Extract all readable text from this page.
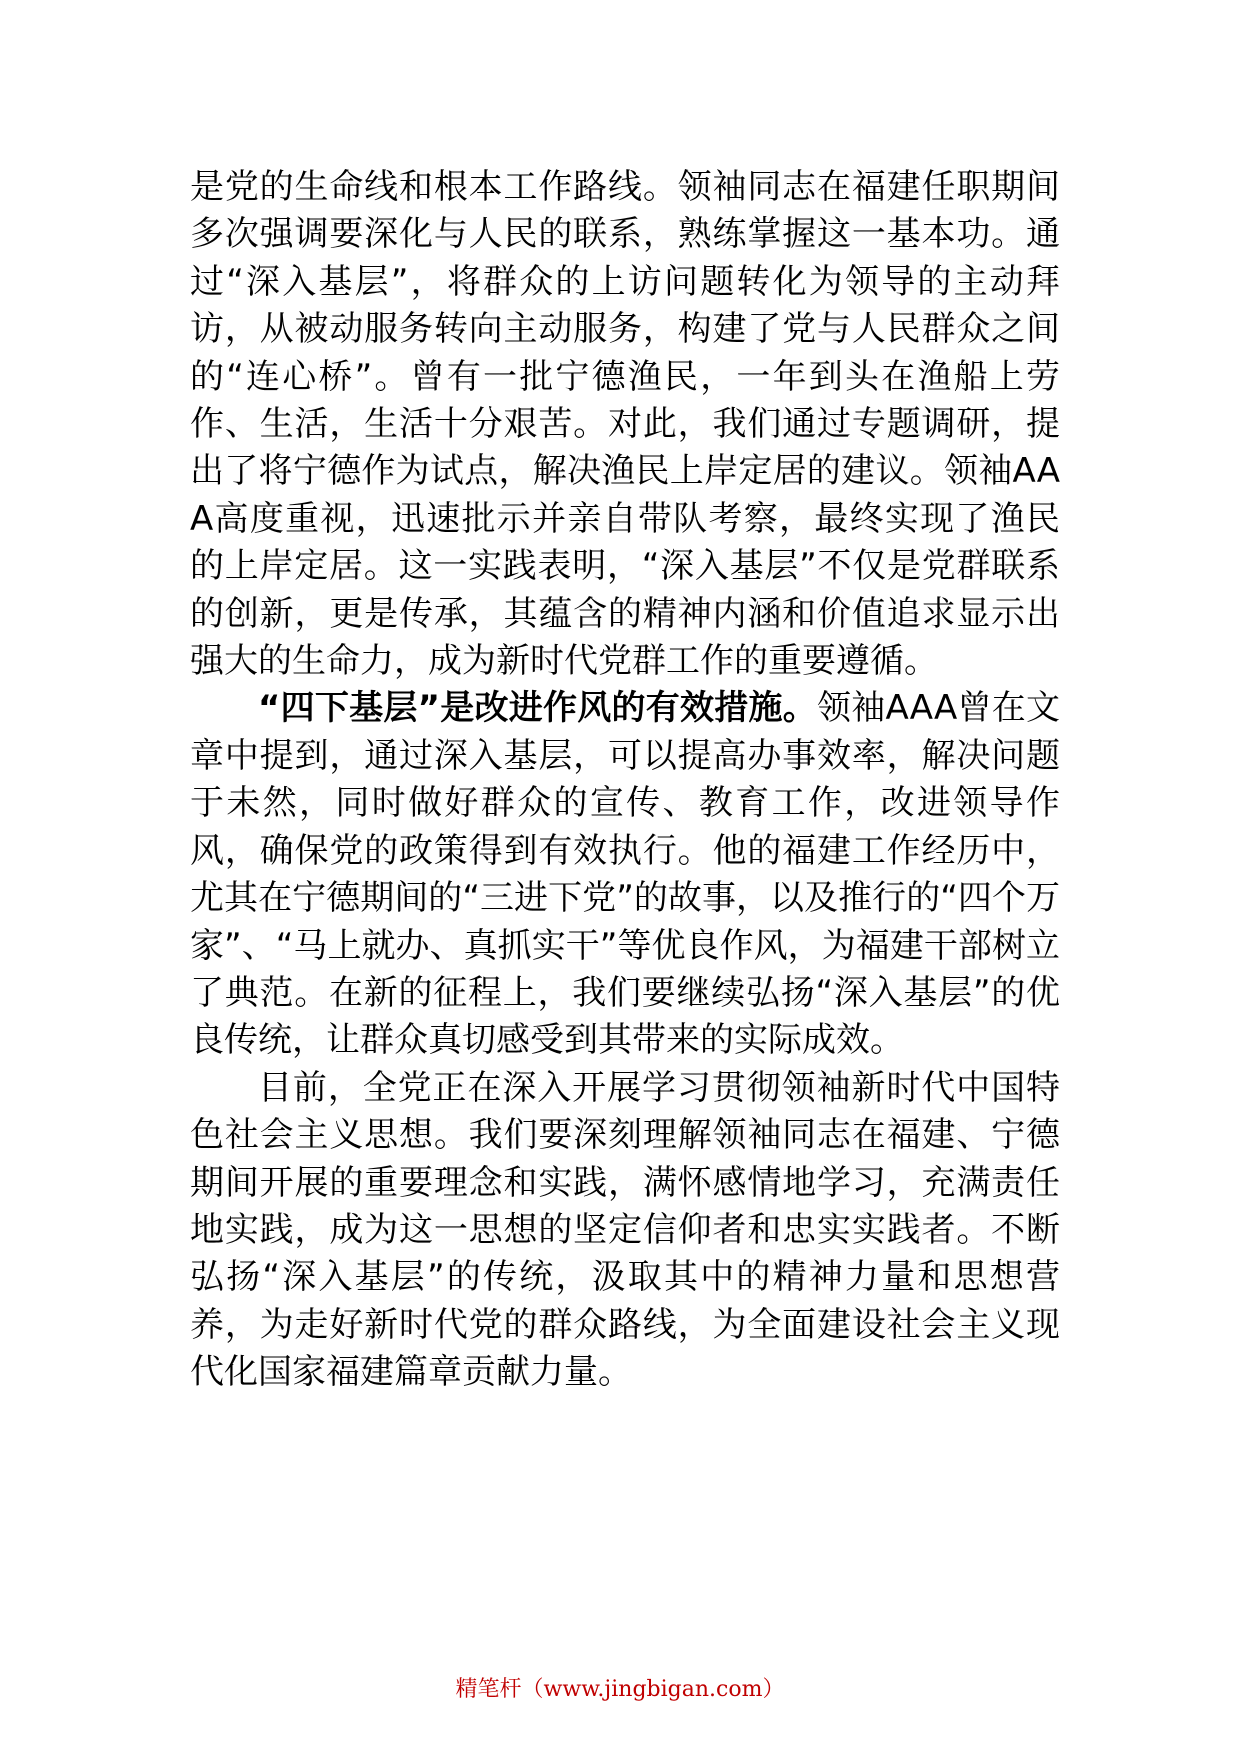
是党的生命线和根本工作路线。领袖同志在福建任职期间多次强调要深化与人民的联系，熟练掌握这一基本功。通过“深入基层”，将群众的上访问题转化为领导的主动拜访，从被动服务转向主动服务，构建了党与人民群众之间的“连心桥”。曾有一批宁德渔民，一年到头在渔船上劳作、生活，生活十分艰苦。对此，我们通过专题调研，提出了将宁德作为试点，解决渔民上岸定居的建议。领袖AAA高度重视，迅速批示并亲自带队考察，最终实现了渔民的上岸定居。这一实践表明，“深入基层”不仅是党群联系的创新，更是传承，其蕴含的精神内涵和价值追求显示出强大的生命力，成为新时代党群工作的重要遵循。

“四下基层”是改进作风的有效措施。领袖AAA曾在文章中提到，通过深入基层，可以提高办事效率，解决问题于未然，同时做好群众的宣传、教育工作，改进领导作风，确保党的政策得到有效执行。他的福建工作经历中，尤其在宁德期间的“三进下党”的故事，以及推行的“四个万家”、“马上就办、真抓实干”等优良作风，为福建干部树立了典范。在新的征程上，我们要继续弘扬“深入基层”的优良传统，让群众真切感受到其带来的实际成效。

目前，全党正在深入开展学习贯彻领袖新时代中国特色社会主义思想。我们要深刻理解领袖同志在福建、宁德期间开展的重要理念和实践，满怀感情地学习，充满责任地实践，成为这一思想的坚定信仰者和忠实实践者。不断弘扬“深入基层”的传统，汲取其中的精神力量和思想营养，为走好新时代党的群众路线，为全面建设社会主义现代化国家福建篇章贡献力量。

精笔杆（www.jingbigan.com）
